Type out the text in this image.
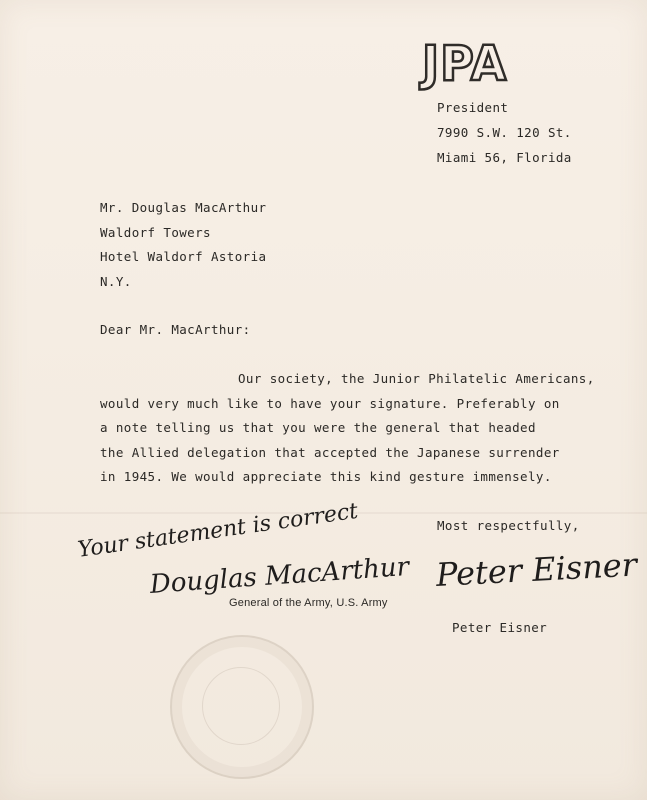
JPA
President
7990 S.W. 120 St.
Miami 56, Florida
Mr. Douglas MacArthur
Waldorf Towers
Hotel Waldorf Astoria
N.Y.
Dear Mr. MacArthur:
Our society, the Junior Philatelic Americans,
would very much like to have your signature. Preferably on
a note telling us that you were the general that headed
the Allied delegation that accepted the Japanese surrender
in 1945. We would appreciate this kind gesture immensely.
Most respectfully,
Peter Eisner
Peter Eisner
Your statement is correct
Douglas MacArthur
General of the Army, U.S. Army
